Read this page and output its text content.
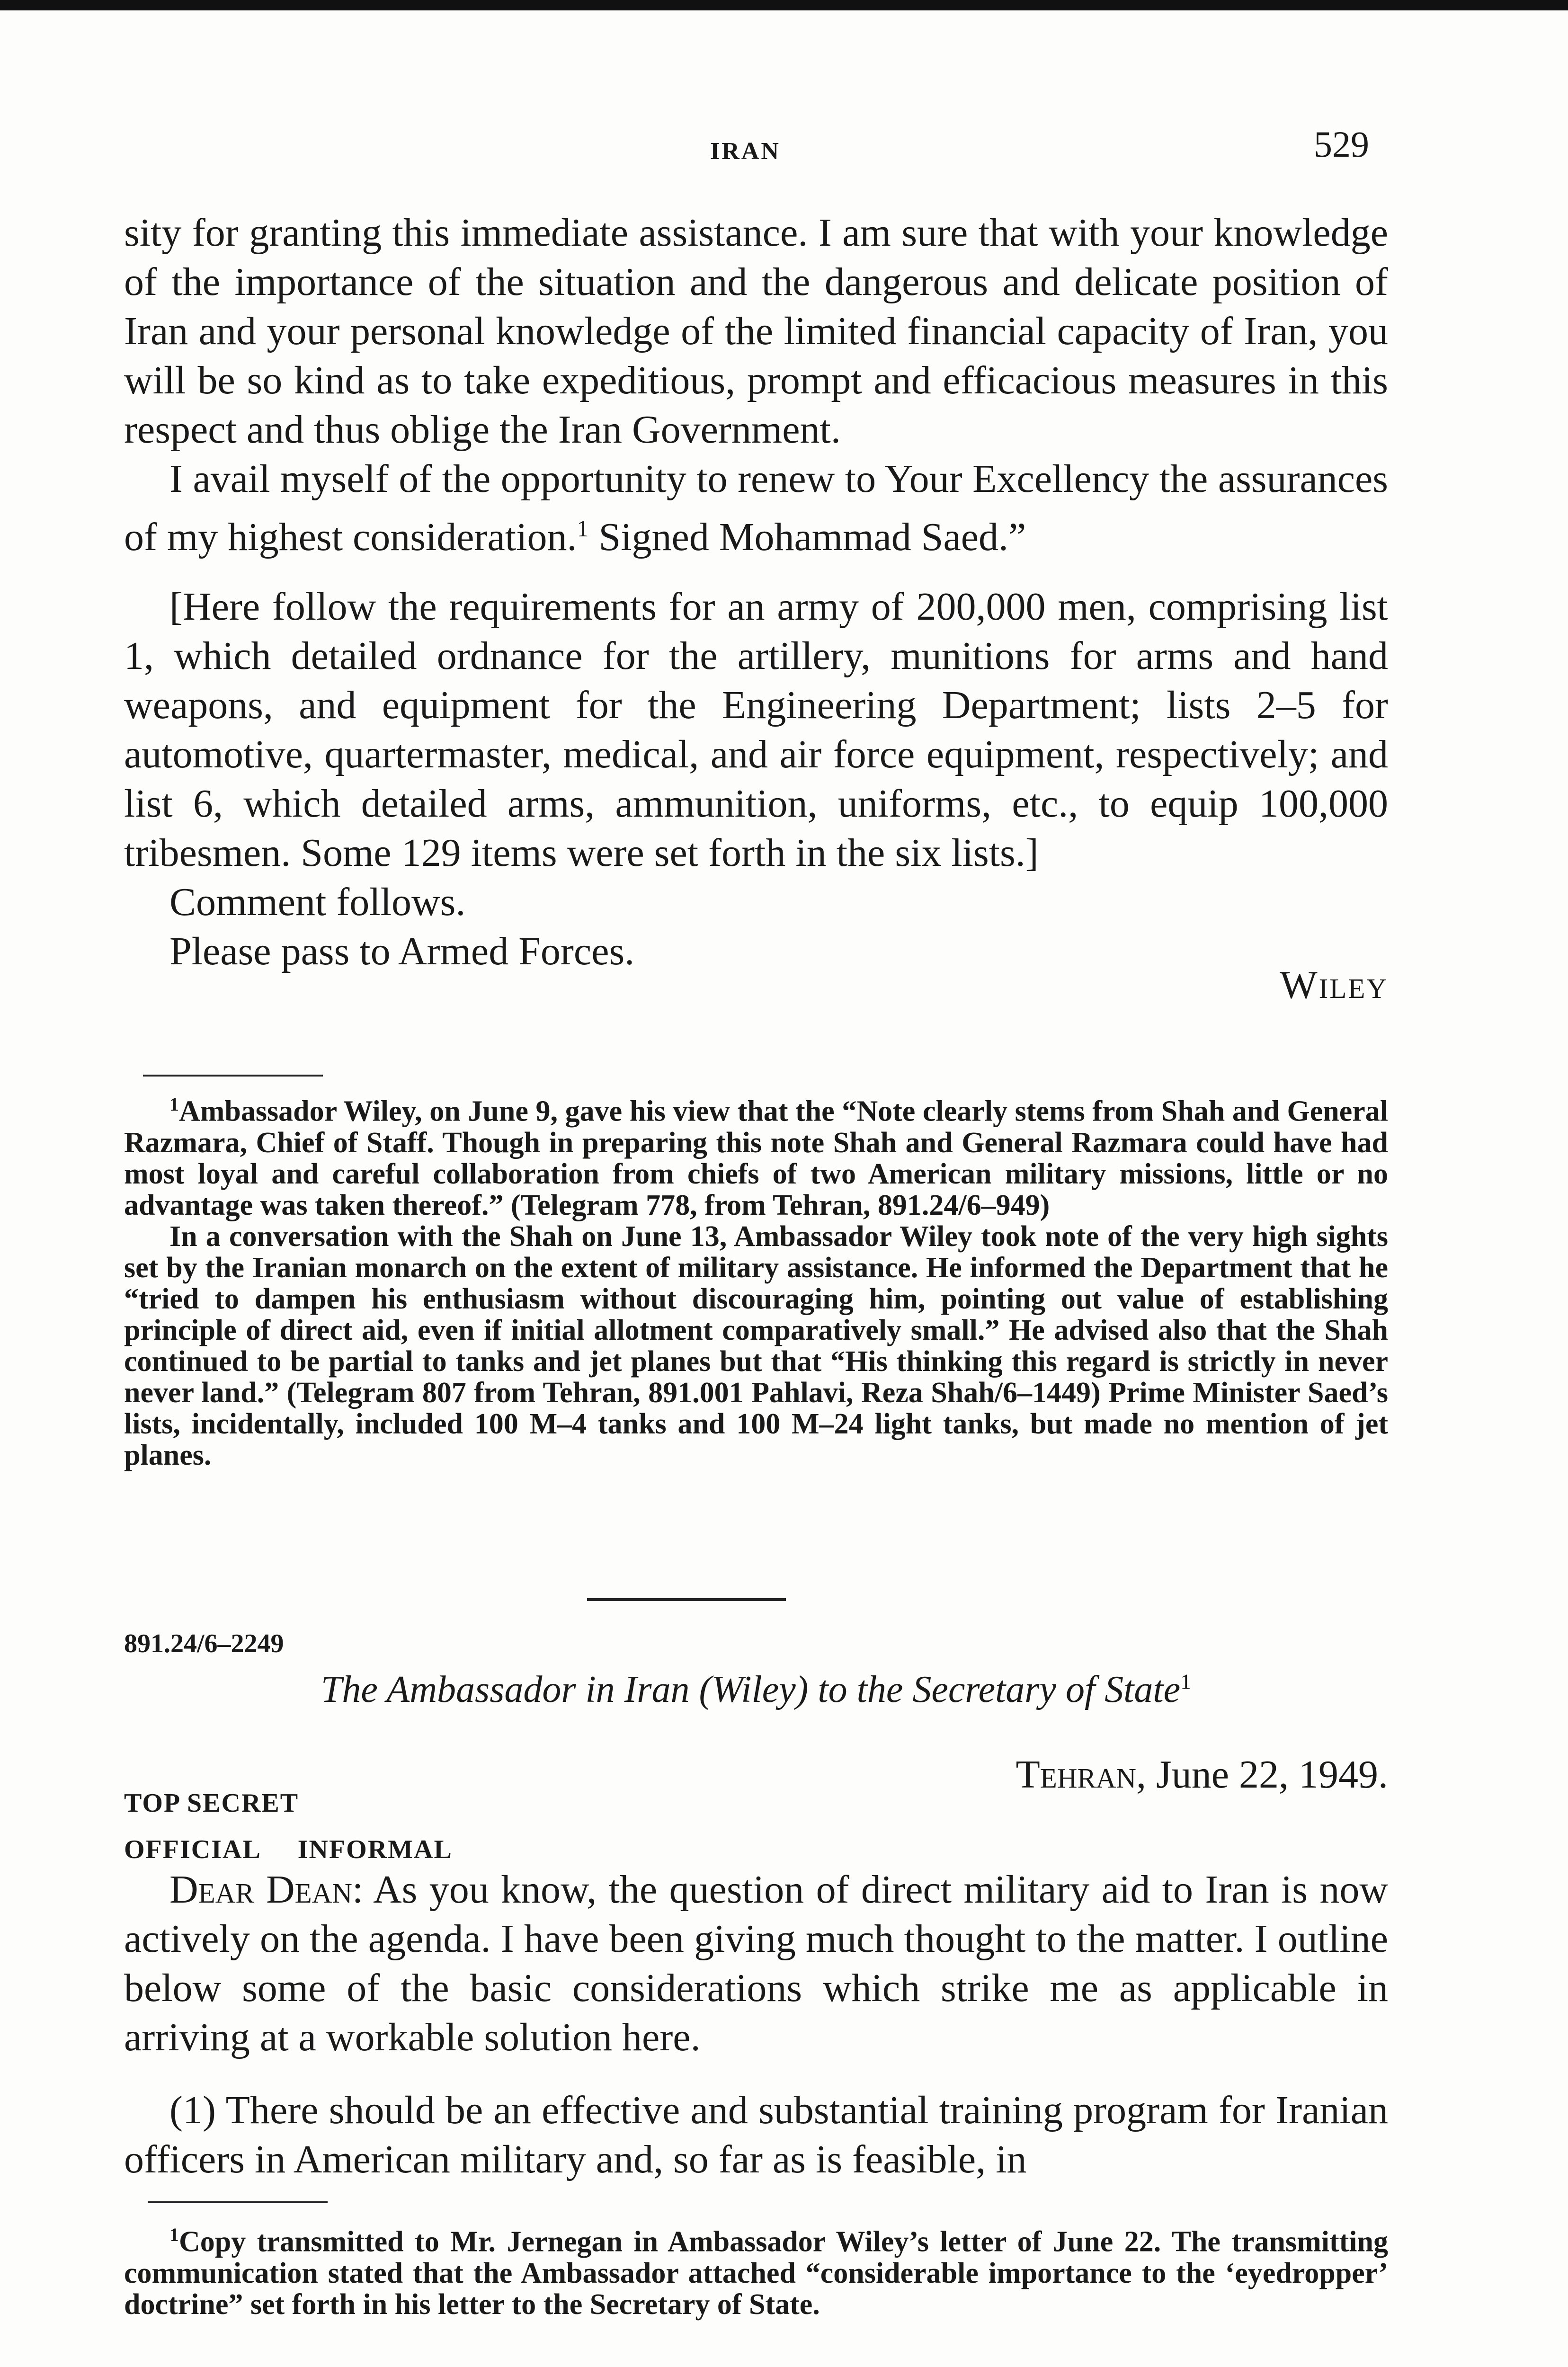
IRAN	529

sity for granting this immediate assistance. I am sure that with your knowledge of the importance of the situation and the dangerous and delicate position of Iran and your personal knowledge of the limited financial capacity of Iran, you will be so kind as to take expeditious, prompt and efficacious measures in this respect and thus oblige the Iran Government.

I avail myself of the opportunity to renew to Your Excellency the assurances of my highest consideration.$^1$ Signed Mohammad Saed.”

[Here follow the requirements for an army of 200,000 men, comprising list 1, which detailed ordnance for the artillery, munitions for arms and hand weapons, and equipment for the Engineering Department; lists 2–5 for automotive, quartermaster, medical, and air force equipment, respectively; and list 6, which detailed arms, ammunition, uniforms, etc., to equip 100,000 tribesmen. Some 129 items were set forth in the six lists.]

Comment follows.

Please pass to Armed Forces.

Wiley

$^1$Ambassador Wiley, on June 9, gave his view that the “Note clearly stems from Shah and General Razmara, Chief of Staff. Though in preparing this note Shah and General Razmara could have had most loyal and careful collaboration from chiefs of two American military missions, little or no advantage was taken thereof.” (Telegram 778, from Tehran, 891.24/6–949)

In a conversation with the Shah on June 13, Ambassador Wiley took note of the very high sights set by the Iranian monarch on the extent of military assistance. He informed the Department that he “tried to dampen his enthusiasm without discouraging him, pointing out value of establishing principle of direct aid, even if initial allotment comparatively small.” He advised also that the Shah continued to be partial to tanks and jet planes but that “His thinking this regard is strictly in never never land.” (Telegram 807 from Tehran, 891.001 Pahlavi, Reza Shah/6–1449) Prime Minister Saed’s lists, incidentally, included 100 M–4 tanks and 100 M–24 light tanks, but made no mention of jet planes.

891.24/6–2249
The Ambassador in Iran (Wiley) to the Secretary of State$^1$
Tehran, June 22, 1949.
TOP SECRET
OFFICIAL     INFORMAL

Dear Dean: As you know, the question of direct military aid to Iran is now actively on the agenda. I have been giving much thought to the matter. I outline below some of the basic considerations which strike me as applicable in arriving at a workable solution here.

(1) There should be an effective and substantial training program for Iranian officers in American military and, so far as is feasible, in

$^1$Copy transmitted to Mr. Jernegan in Ambassador Wiley’s letter of June 22. The transmitting communication stated that the Ambassador attached “considerable importance to the ‘eyedropper’ doctrine” set forth in his letter to the Secretary of State.
